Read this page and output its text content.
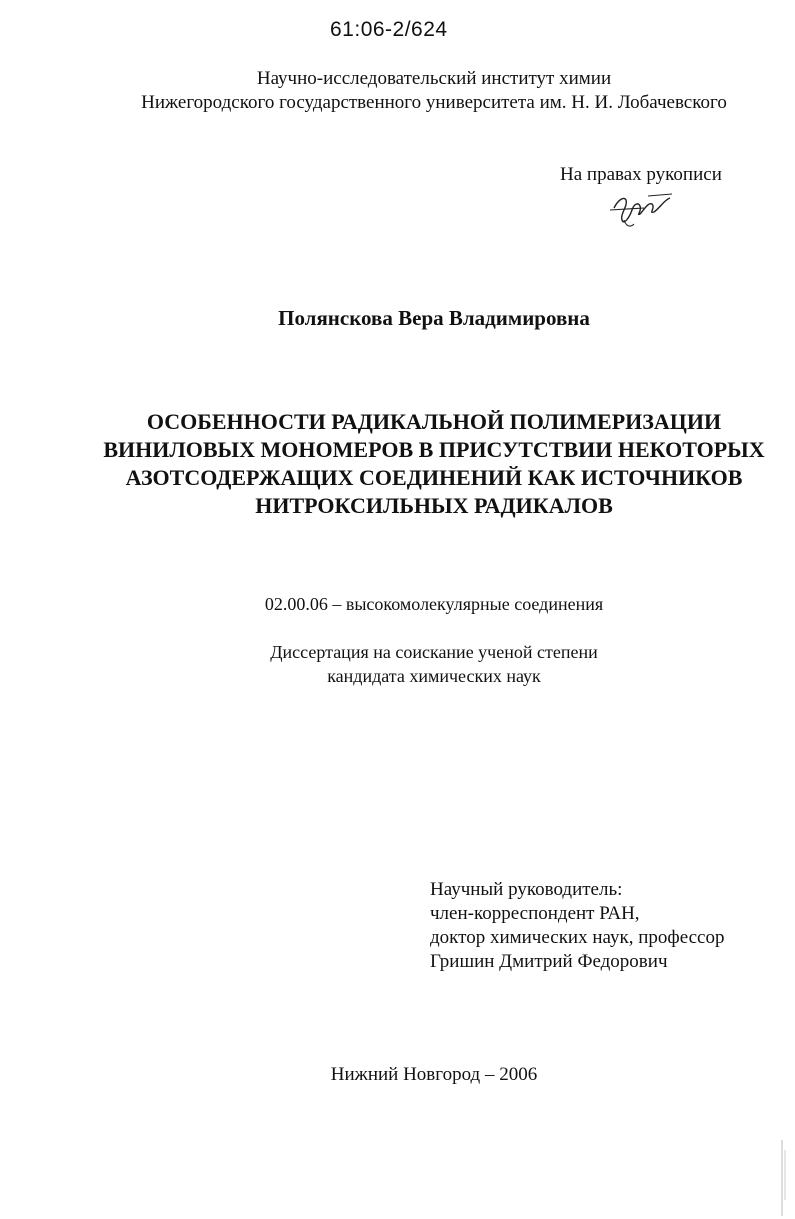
61:06-2/624
Научно-исследовательский институт химии
Нижегородского государственного университета им. Н. И. Лобачевского
На правах рукописи
Полянскова Вера Владимировна
ОСОБЕННОСТИ РАДИКАЛЬНОЙ ПОЛИМЕРИЗАЦИИ
ВИНИЛОВЫХ МОНОМЕРОВ В ПРИСУТСТВИИ НЕКОТОРЫХ
АЗОТСОДЕРЖАЩИХ СОЕДИНЕНИЙ КАК ИСТОЧНИКОВ
НИТРОКСИЛЬНЫХ РАДИКАЛОВ
02.00.06 – высокомолекулярные соединения
Диссертация на соискание ученой степени
кандидата химических наук
Научный руководитель:
член-корреспондент РАН,
доктор химических наук, профессор
Гришин Дмитрий Федорович
Нижний Новгород – 2006
